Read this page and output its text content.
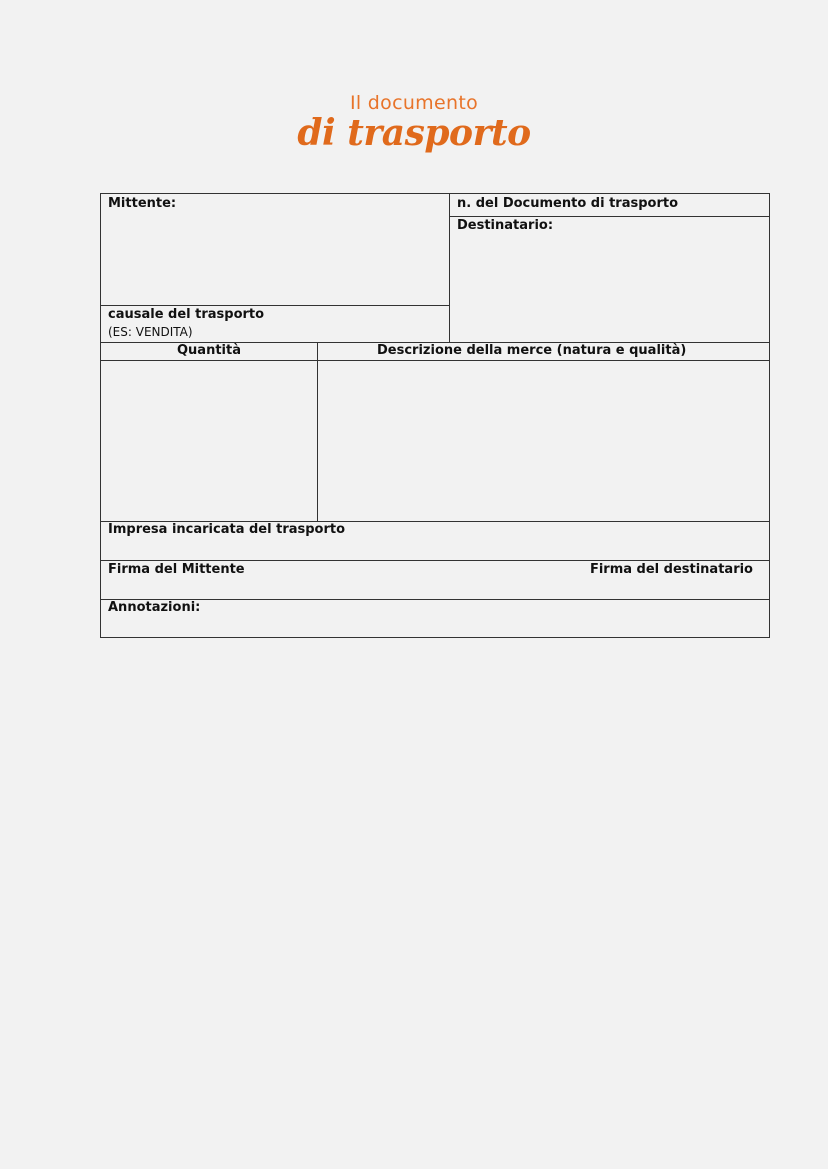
Il documento
di trasporto
Mittente:	n. del Documento di trasporto
Destinatario:
causale del trasporto
(ES: VENDITA)
Quantità	Descrizione della merce (natura e qualità)
Impresa incaricata del trasporto
Firma del Mittente	Firma del destinatario
Annotazioni:
